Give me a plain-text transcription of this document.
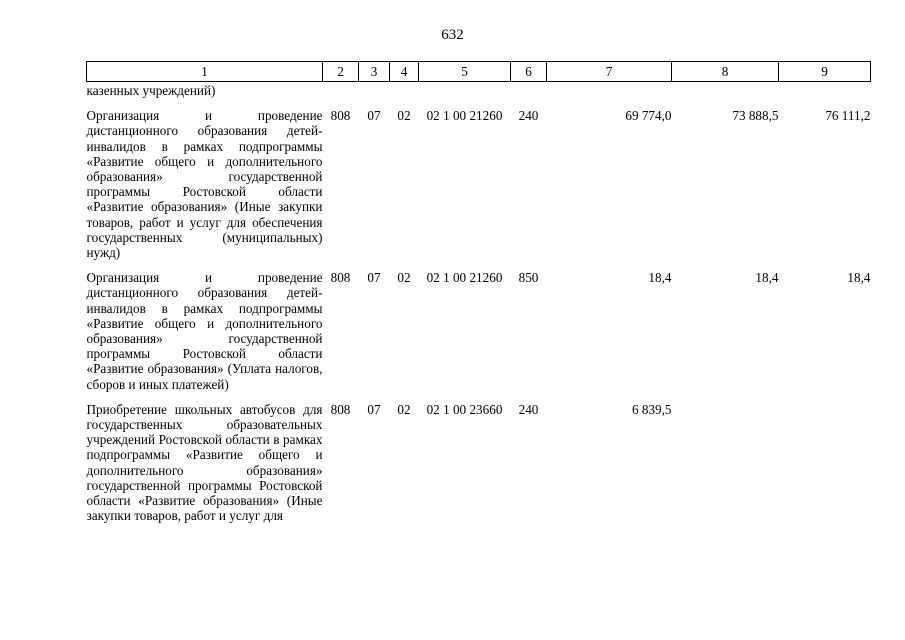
632
1	2	3	4	5	6	7	8	9
казенных учреждений)								

Организация и проведение дистанционного образования детей-инвалидов в рамках подпрограммы «Развитие общего и дополнительного образования» государственной программы Ростовской области «Развитие образования» (Иные закупки товаров, работ и услуг для обеспечения государственных (муниципальных) нужд)	808	07	02	02 1 00 21260	240	69 774,0	73 888,5	76 111,2

Организация и проведение дистанционного образования детей-инвалидов в рамках подпрограммы «Развитие общего и дополнительного образования» государственной программы Ростовской области «Развитие образования» (Уплата налогов, сборов и иных платежей)	808	07	02	02 1 00 21260	850	18,4	18,4	18,4

Приобретение школьных автобусов для государственных образовательных учреждений Ростовской области в рамках подпрограммы «Развитие общего и дополнительного образования» государственной программы Ростовской области «Развитие образования» (Иные закупки товаров, работ и услуг для	808	07	02	02 1 00 23660	240	6 839,5		
